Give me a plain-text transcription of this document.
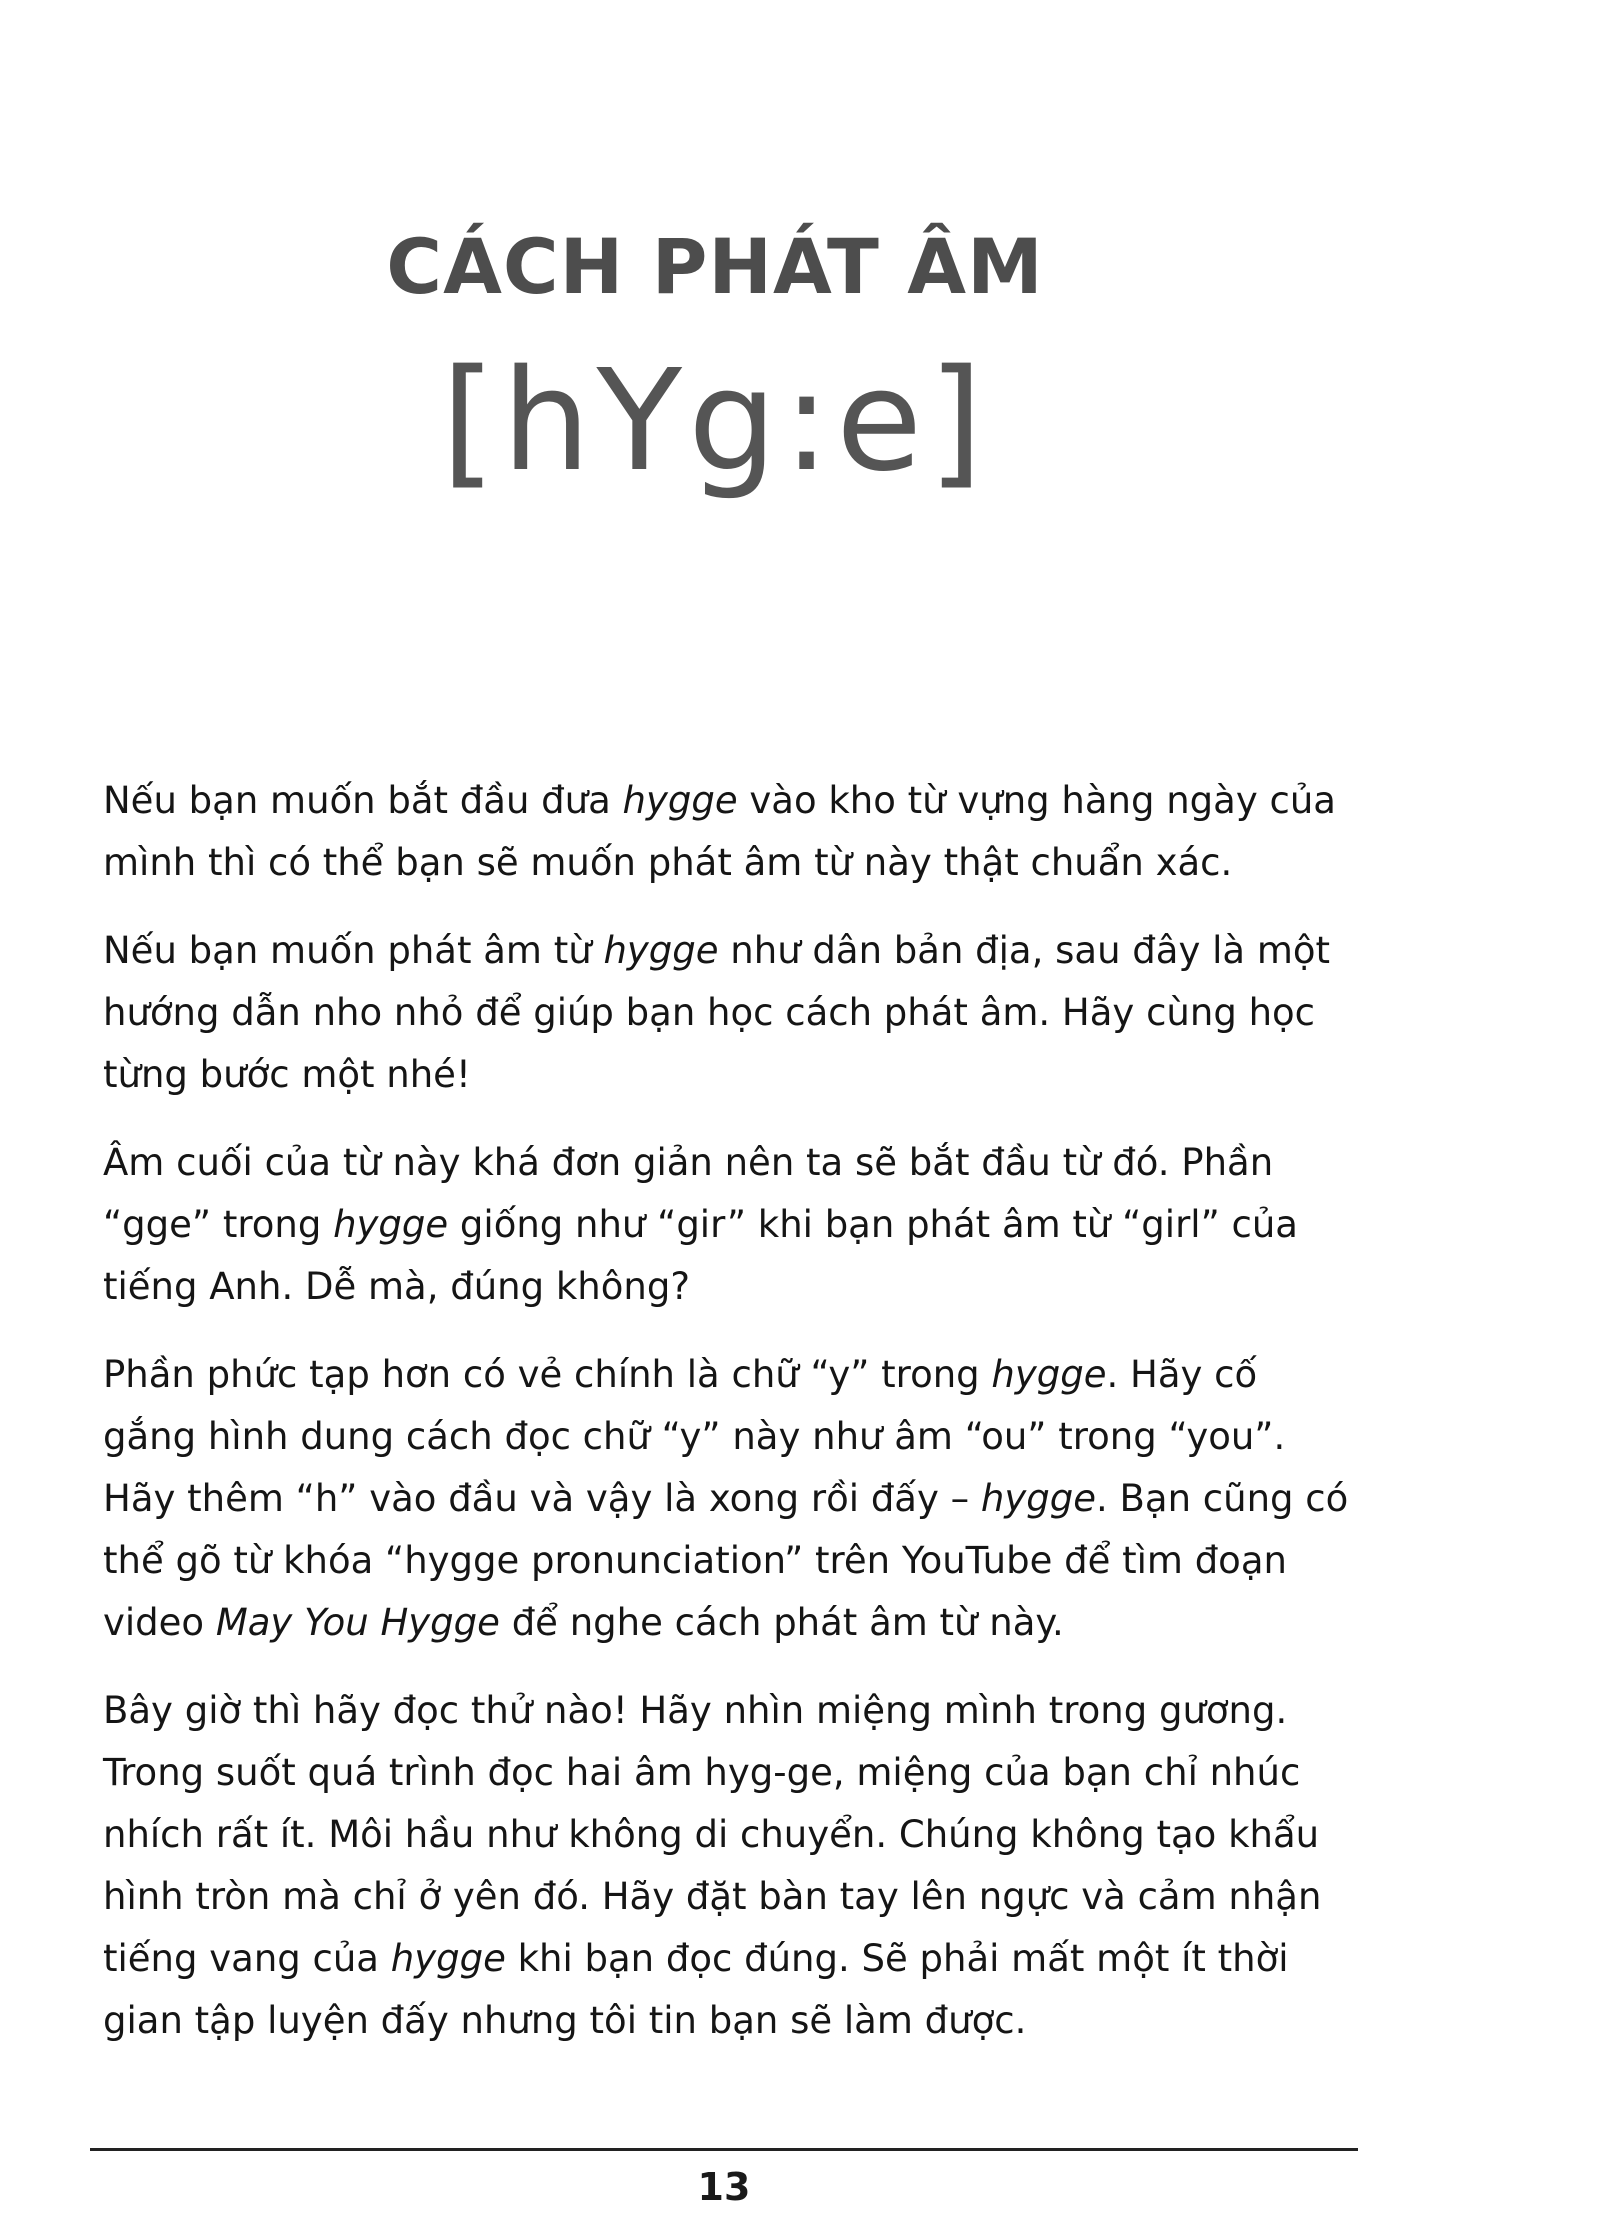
CÁCH PHÁT ÂM
[hYg:e]

Nếu bạn muốn bắt đầu đưa hygge vào kho từ vựng hàng ngày của mình thì có thể bạn sẽ muốn phát âm từ này thật chuẩn xác.

Nếu bạn muốn phát âm từ hygge như dân bản địa, sau đây là một hướng dẫn nho nhỏ để giúp bạn học cách phát âm. Hãy cùng học từng bước một nhé!

Âm cuối của từ này khá đơn giản nên ta sẽ bắt đầu từ đó. Phần “gge” trong hygge giống như “gir” khi bạn phát âm từ “girl” của tiếng Anh. Dễ mà, đúng không?

Phần phức tạp hơn có vẻ chính là chữ “y” trong hygge. Hãy cố gắng hình dung cách đọc chữ “y” này như âm “ou” trong “you”. Hãy thêm “h” vào đầu và vậy là xong rồi đấy – hygge. Bạn cũng có thể gõ từ khóa “hygge pronunciation” trên YouTube để tìm đoạn video May You Hygge để nghe cách phát âm từ này.

Bây giờ thì hãy đọc thử nào! Hãy nhìn miệng mình trong gương. Trong suốt quá trình đọc hai âm hyg-ge, miệng của bạn chỉ nhúc nhích rất ít. Môi hầu như không di chuyển. Chúng không tạo khẩu hình tròn mà chỉ ở yên đó. Hãy đặt bàn tay lên ngực và cảm nhận tiếng vang của hygge khi bạn đọc đúng. Sẽ phải mất một ít thời gian tập luyện đấy nhưng tôi tin bạn sẽ làm được.

13
